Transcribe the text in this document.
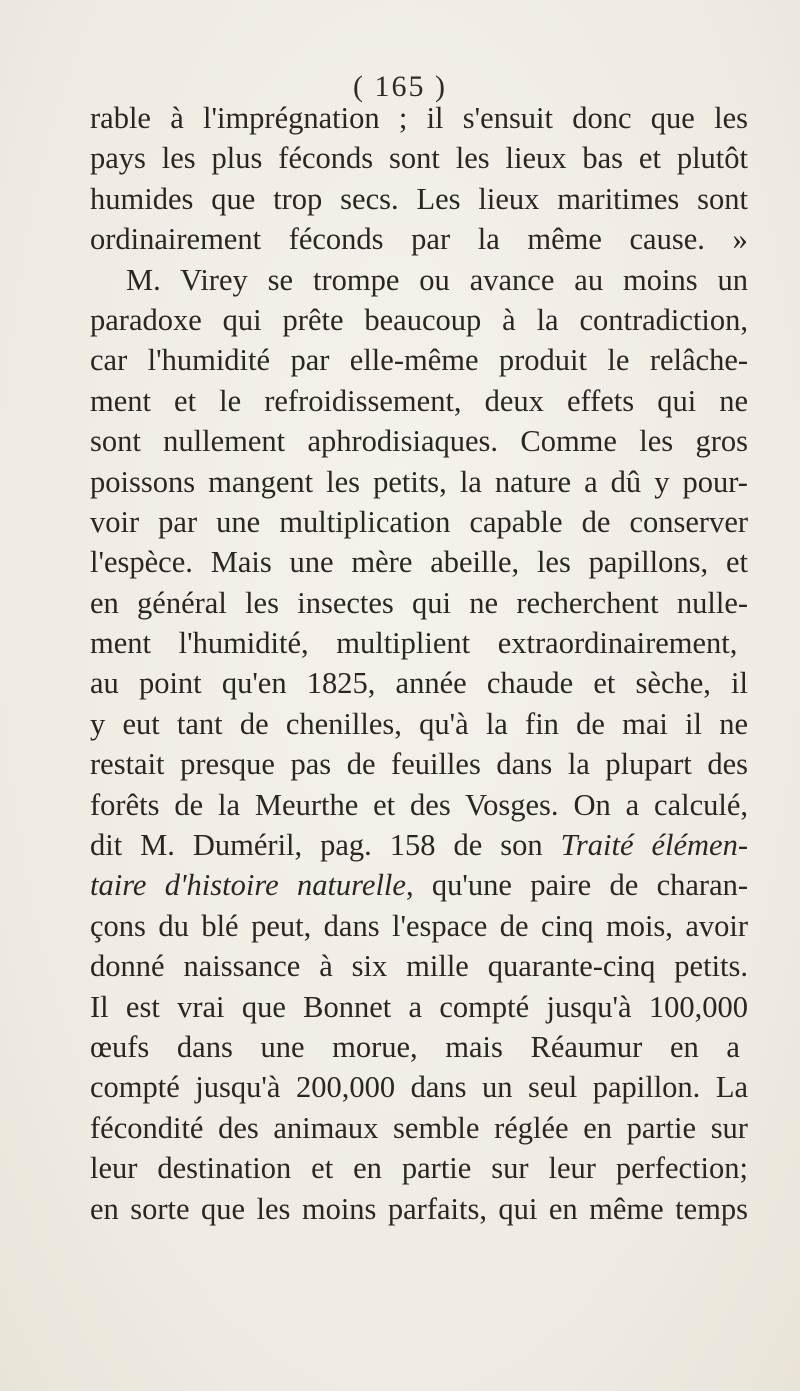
( 165 )
rable à l'imprégnation ; il s'ensuit donc que les
pays les plus féconds sont les lieux bas et plutôt
humides que trop secs. Les lieux maritimes sont
ordinairement féconds par la même cause. »
M. Virey se trompe ou avance au moins un
paradoxe qui prête beaucoup à la contradiction,
car l'humidité par elle-même produit le relâche-
ment et le refroidissement, deux effets qui ne
sont nullement aphrodisiaques. Comme les gros
poissons mangent les petits, la nature a dû y pour-
voir par une multiplication capable de conserver
l'espèce. Mais une mère abeille, les papillons, et
en général les insectes qui ne recherchent nulle-
ment l'humidité, multiplient extraordinairement,
au point qu'en 1825, année chaude et sèche, il
y eut tant de chenilles, qu'à la fin de mai il ne
restait presque pas de feuilles dans la plupart des
forêts de la Meurthe et des Vosges. On a calculé,
dit M. Duméril, pag. 158 de son Traité élémen-
taire d'histoire naturelle, qu'une paire de charan-
çons du blé peut, dans l'espace de cinq mois, avoir
donné naissance à six mille quarante-cinq petits.
Il est vrai que Bonnet a compté jusqu'à 100,000
œufs dans une morue, mais Réaumur en a
compté jusqu'à 200,000 dans un seul papillon. La
fécondité des animaux semble réglée en partie sur
leur destination et en partie sur leur perfection;
en sorte que les moins parfaits, qui en même temps
